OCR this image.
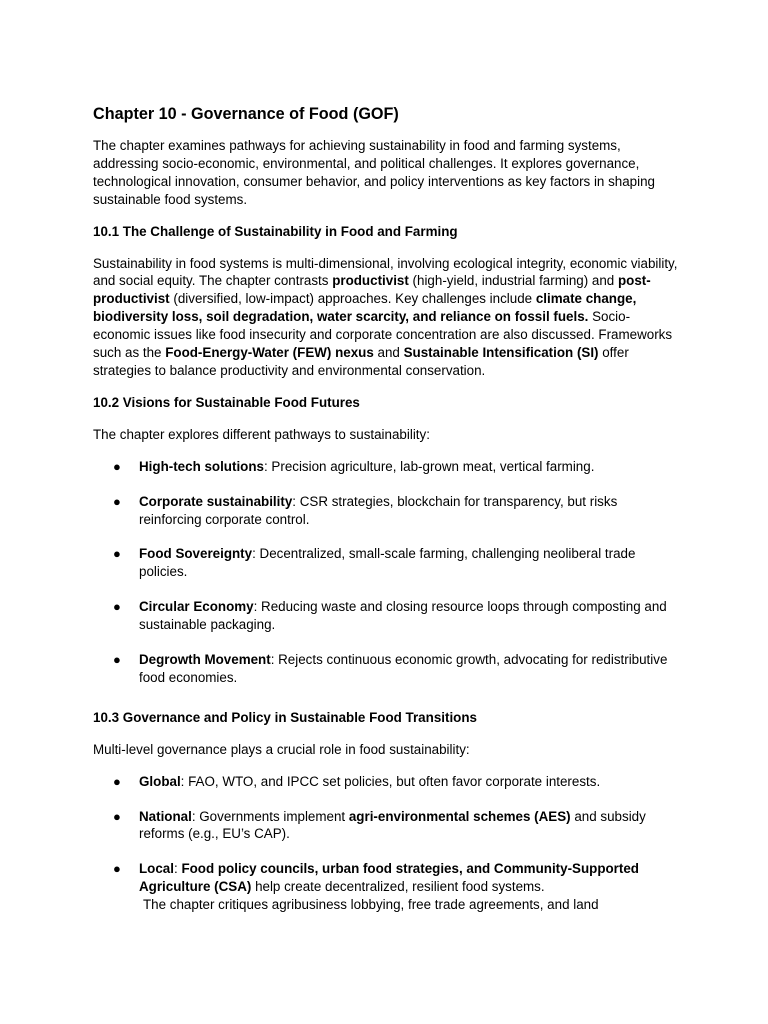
Chapter 10 - Governance of Food (GOF)

The chapter examines pathways for achieving sustainability in food and farming systems, addressing socio-economic, environmental, and political challenges. It explores governance, technological innovation, consumer behavior, and policy interventions as key factors in shaping sustainable food systems.

10.1 The Challenge of Sustainability in Food and Farming

Sustainability in food systems is multi-dimensional, involving ecological integrity, economic viability, and social equity. The chapter contrasts productivist (high-yield, industrial farming) and post-productivist (diversified, low-impact) approaches. Key challenges include climate change, biodiversity loss, soil degradation, water scarcity, and reliance on fossil fuels. Socio-economic issues like food insecurity and corporate concentration are also discussed. Frameworks such as the Food-Energy-Water (FEW) nexus and Sustainable Intensification (SI) offer strategies to balance productivity and environmental conservation.

10.2 Visions for Sustainable Food Futures

The chapter explores different pathways to sustainability:

● High-tech solutions: Precision agriculture, lab-grown meat, vertical farming.
● Corporate sustainability: CSR strategies, blockchain for transparency, but risks reinforcing corporate control.
● Food Sovereignty: Decentralized, small-scale farming, challenging neoliberal trade policies.
● Circular Economy: Reducing waste and closing resource loops through composting and sustainable packaging.
● Degrowth Movement: Rejects continuous economic growth, advocating for redistributive food economies.
10.3 Governance and Policy in Sustainable Food Transitions

Multi-level governance plays a crucial role in food sustainability:

● Global: FAO, WTO, and IPCC set policies, but often favor corporate interests.
● National: Governments implement agri-environmental schemes (AES) and subsidy reforms (e.g., EU’s CAP).
● Local: Food policy councils, urban food strategies, and Community-Supported Agriculture (CSA) help create decentralized, resilient food systems.
The chapter critiques agribusiness lobbying, free trade agreements, and land
